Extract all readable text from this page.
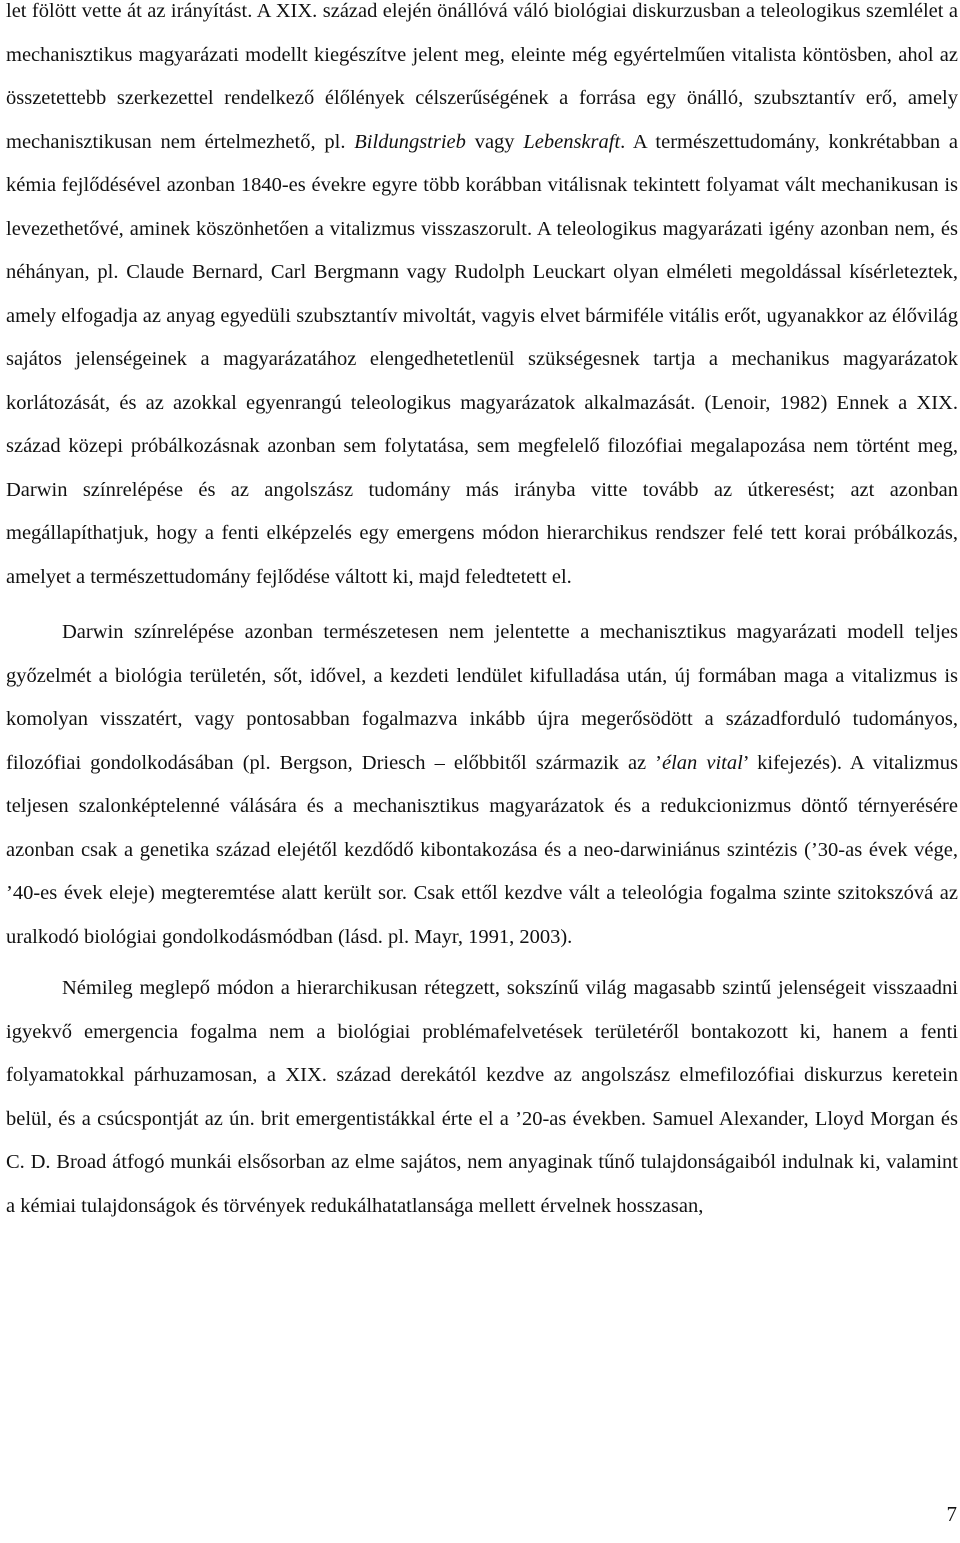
let fölött vette át az irányítást. A XIX. század elején önállóvá váló biológiai diskurzusban a teleologikus szemlélet a mechanisztikus magyarázati modellt kiegészítve jelent meg, eleinte még egyértelműen vitalista köntösben, ahol az összetettebb szerkezettel rendelkező élőlények célszerűségének a forrása egy önálló, szubsztantív erő, amely mechanisztikusan nem értelmezhető, pl. Bildungstrieb vagy Lebenskraft. A természettudomány, konkrétabban a kémia fejlődésével azonban 1840-es évekre egyre több korábban vitálisnak tekintett folyamat vált mechanikusan is levezethetővé, aminek köszönhetően a vitalizmus visszaszorult. A teleologikus magyarázati igény azonban nem, és néhányan, pl. Claude Bernard, Carl Bergmann vagy Rudolph Leuckart olyan elméleti megoldással kísérleteztek, amely elfogadja az anyag egyedüli szubsztantív mivoltát, vagyis elvet bármiféle vitális erőt, ugyanakkor az élővilág sajátos jelenségeinek a magyarázatához elengedhetetlenül szükségesnek tartja a mechanikus magyarázatok korlátozását, és az azokkal egyenrangú teleologikus magyarázatok alkalmazását. (Lenoir, 1982) Ennek a XIX. század közepi próbálkozásnak azonban sem folytatása, sem megfelelő filozófiai megalapozása nem történt meg, Darwin színrelépése és az angolszász tudomány más irányba vitte tovább az útkeresést; azt azonban megállapíthatjuk, hogy a fenti elképzelés egy emergens módon hierarchikus rendszer felé tett korai próbálkozás, amelyet a természettudomány fejlődése váltott ki, majd feledtetett el.

Darwin színrelépése azonban természetesen nem jelentette a mechanisztikus magyarázati modell teljes győzelmét a biológia területén, sőt, idővel, a kezdeti lendület kifulladása után, új formában maga a vitalizmus is komolyan visszatért, vagy pontosabban fogalmazva inkább újra megerősödött a századforduló tudományos, filozófiai gondolkodásában (pl. Bergson, Driesch – előbbitől származik az ’élan vital’ kifejezés). A vitalizmus teljesen szalonképtelenné válására és a mechanisztikus magyarázatok és a redukcionizmus döntő térnyerésére azonban csak a genetika század elejétől kezdődő kibontakozása és a neo-darwiniánus szintézis (’30-as évek vége, ’40-es évek eleje) megteremtése alatt került sor. Csak ettől kezdve vált a teleológia fogalma szinte szitokszóvá az uralkodó biológiai gondolkodásmódban (lásd. pl. Mayr, 1991, 2003).

Némileg meglepő módon a hierarchikusan rétegzett, sokszínű világ magasabb szintű jelenségeit visszaadni igyekvő emergencia fogalma nem a biológiai problémafelvetések területéről bontakozott ki, hanem a fenti folyamatokkal párhuzamosan, a XIX. század derekától kezdve az angolszász elmefilozófiai diskurzus keretein belül, és a csúcspontját az ún. brit emergentistákkal érte el a ’20-as években. Samuel Alexander, Lloyd Morgan és C. D. Broad átfogó munkái elsősorban az elme sajátos, nem anyaginak tűnő tulajdonságaiból indulnak ki, valamint a kémiai tulajdonságok és törvények redukálhatatlansága mellett érvelnek hosszasan,

7
